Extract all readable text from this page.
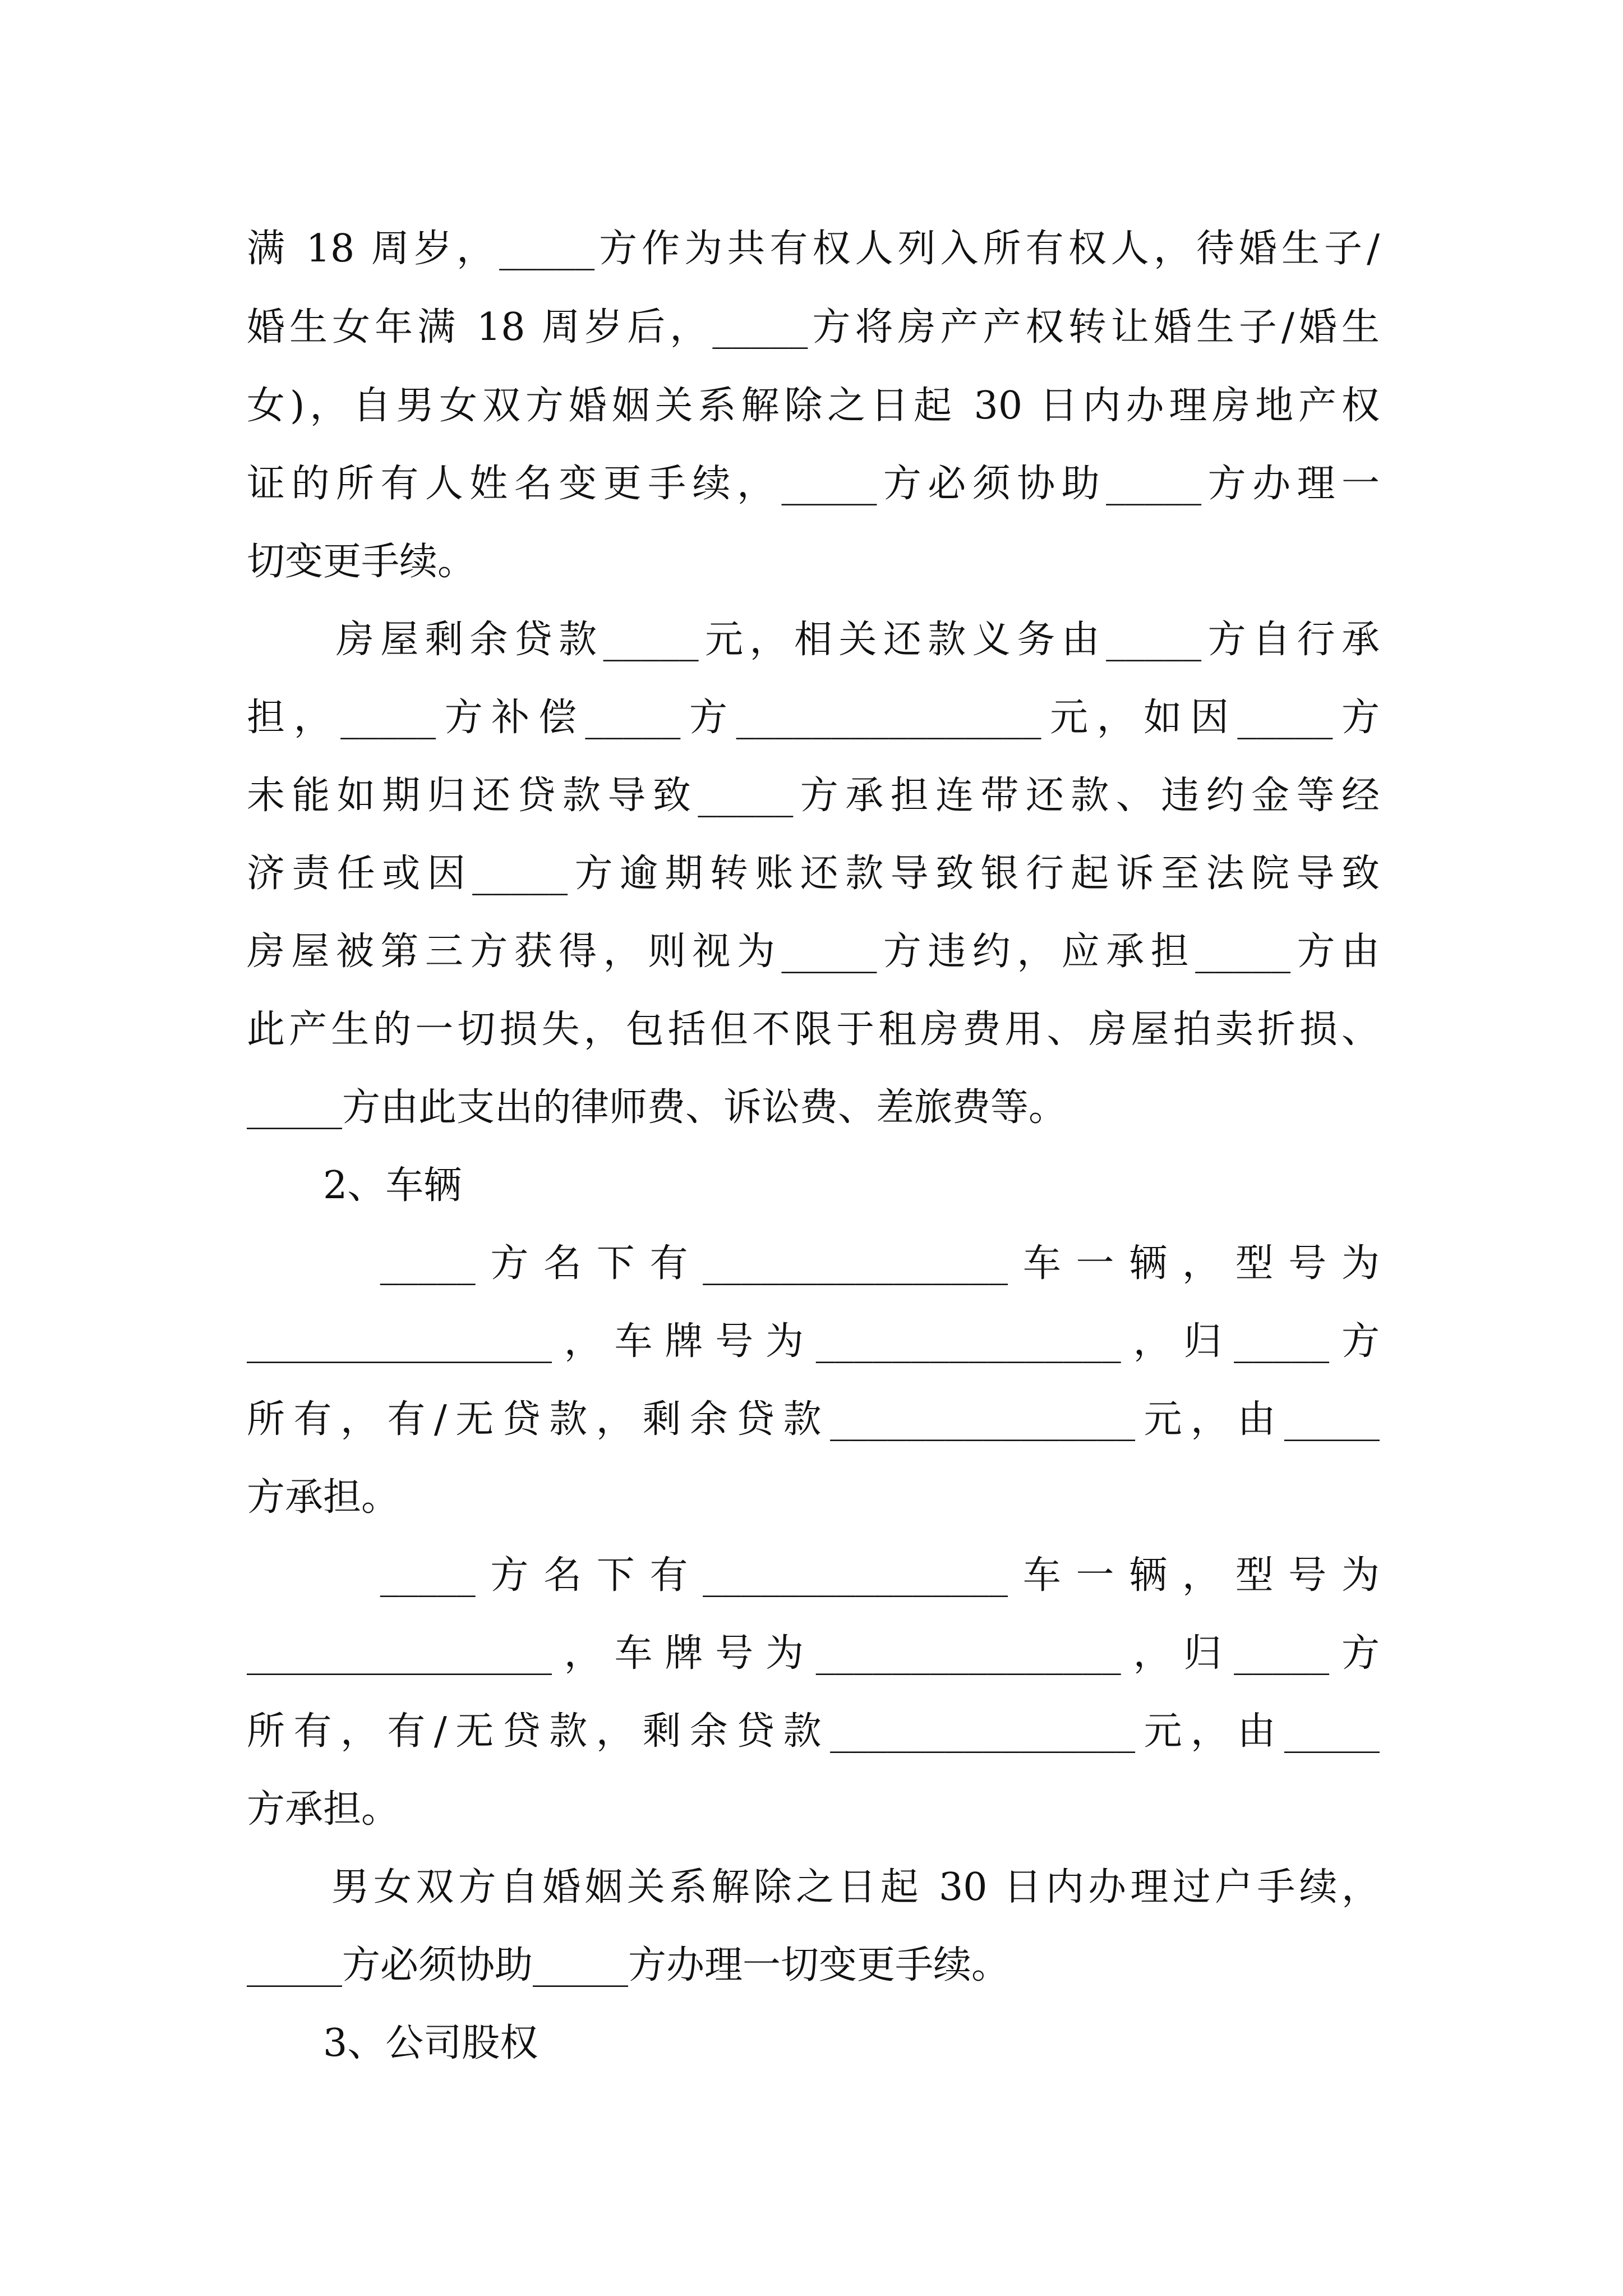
满 18 周岁，_____方作为共有权人列入所有权人，待婚生子/
婚生女年满 18 周岁后，_____方将房产产权转让婚生子/婚生
女)，自男女双方婚姻关系解除之日起 30 日内办理房地产权
证的所有人姓名变更手续，_____方必须协助_____方办理一
切变更手续。
　　房屋剩余贷款_____元，相关还款义务由_____方自行承
担，_____方补偿_____方________________元，如因_____方
未能如期归还贷款导致_____方承担连带还款、违约金等经
济责任或因_____方逾期转账还款导致银行起诉至法院导致
房屋被第三方获得，则视为_____方违约，应承担_____方由
此产生的一切损失，包括但不限于租房费用、房屋拍卖折损、
_____方由此支出的律师费、诉讼费、差旅费等。
　　2、车辆
　　 _____方名下有________________车一辆，型号为
________________，车牌号为________________，归_____方
所有，有/无贷款，剩余贷款________________元，由_____
方承担。
　　 _____方名下有________________车一辆，型号为
________________，车牌号为________________，归_____方
所有，有/无贷款，剩余贷款________________元，由_____
方承担。
　　男女双方自婚姻关系解除之日起 30 日内办理过户手续，
_____方必须协助_____方办理一切变更手续。
　　3、公司股权
